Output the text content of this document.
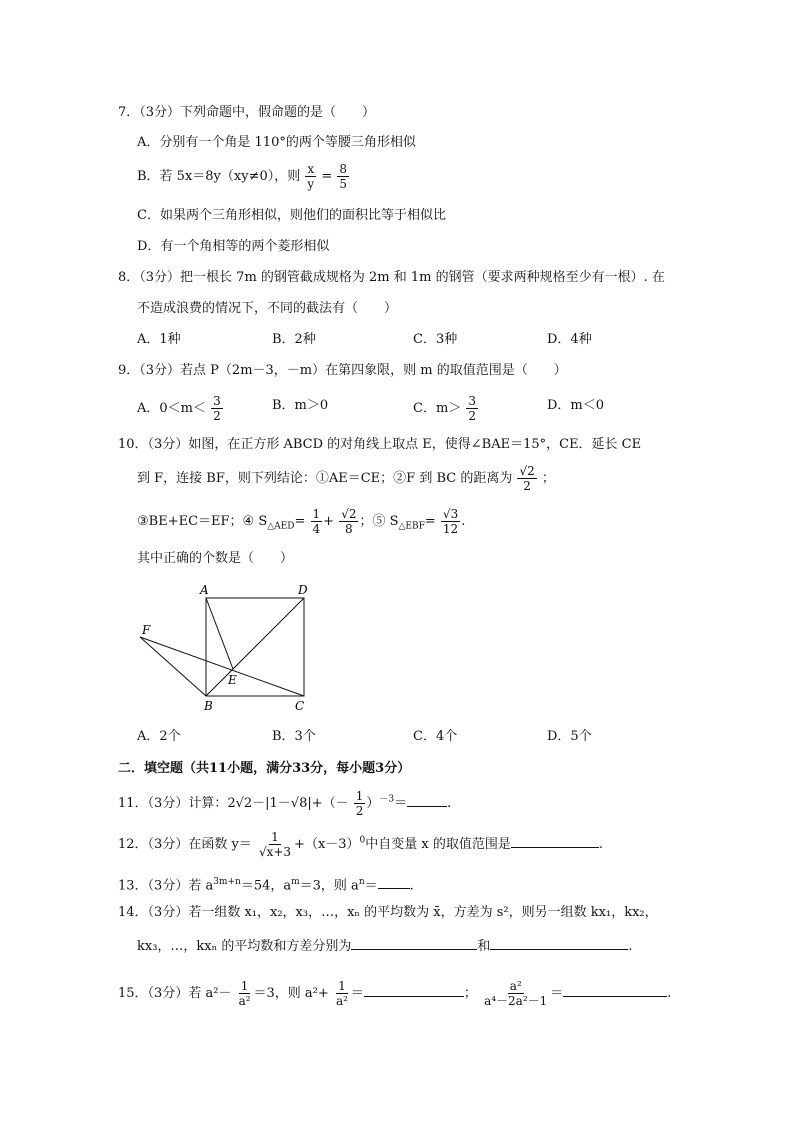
7．（3分）下列命题中，假命题的是（　　）
A．分别有一个角是 110°的两个等腰三角形相似
B．若 5x＝8y（xy≠0），则 $\frac{x}{y} = \frac{8}{5}$
C．如果两个三角形相似，则他们的面积比等于相似比
D．有一个角相等的两个菱形相似
8．（3分）把一根长 7m 的钢管截成规格为 2m 和 1m 的钢管（要求两种规格至少有一根）. 在
不造成浪费的情况下，不同的截法有（　　）
A．1种	B．2种	C．3种	D．4种
9．（3分）若点 P（2m－3，－m）在第四象限，则 m 的取值范围是（　　）
A．$0<m< \frac{3}{2}$	B．m＞0	C．$m> \frac{3}{2}$	D．m＜0
10．（3分）如图，在正方形 ABCD 的对角线上取点 E，使得∠BAE＝15°，CE．延长 CE
到 F，连接 BF，则下列结论：①AE＝CE；②F 到 BC 的距离为 $\frac{√2}{2}$ ；
③BE+EC＝EF；④ $S_{\triangle AED}= \frac{1}{4} + \frac{√2}{8}$ ；⑤ $S_{\triangle EBF}= \frac{√3}{12}$ .
其中正确的个数是（　　）
A	D
B	C
E
F
A．2个	B．3个	C．4个	D．5个
二．填空题（共11小题，满分33分，每小题3分）
11．（3分）计算：$2√2-|1-√8|+(- \frac{1}{2} )^{-3}=$	.
12．（3分）在函数 $y= \frac{1}{√x+3} +(x-3)^0$中自变量 x 的取值范围是	.
13．（3分）若 $a^{3m+n}=54$，$a^m=3$，则 $a^n=$ .
14．（3分）若一组数 x₁，x₂，x₃，…，xₙ 的平均数为 x̄，方差为 s²，则另一组数 kx₁，kx₂，
kx₃，…，kxₙ 的平均数和方差分别为	和	.
15．（3分）若 $a^2- \frac{1}{\text{a²}} =3$，则 $a^2+ \frac{1}{\text{a²}}$ ＝	； $\frac{\text{a²}}{\text{a⁴－2a²－1}}$ ＝	.
